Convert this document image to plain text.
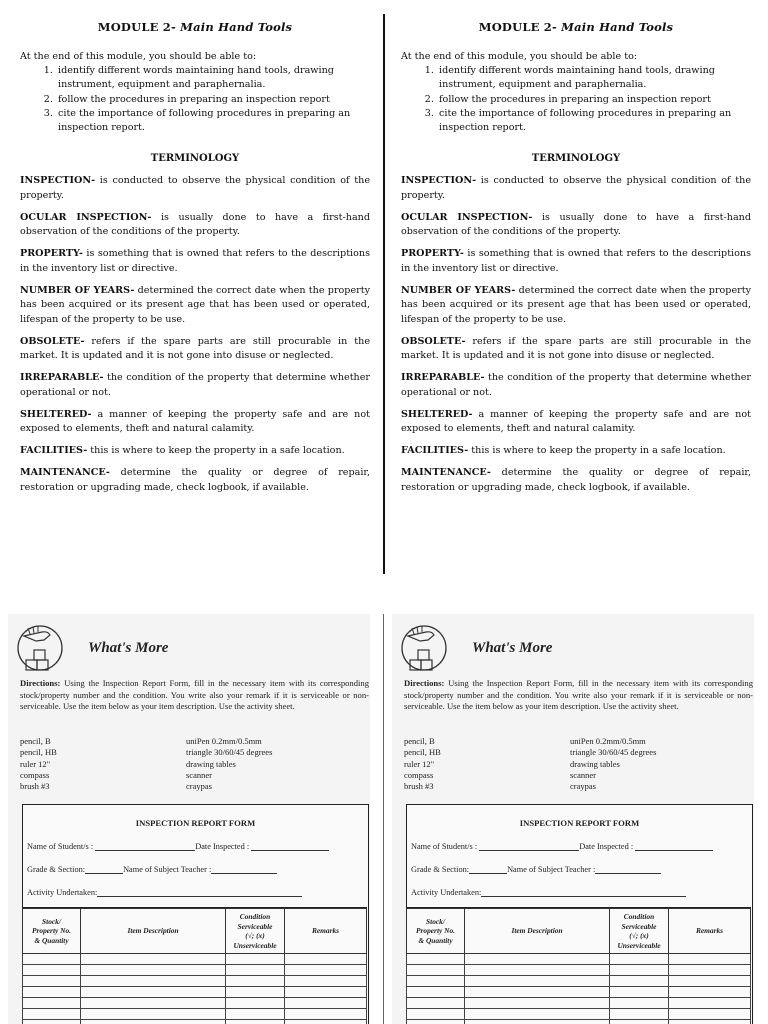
MODULE 2- Main Hand Tools
At the end of this module, you should be able to:
1. identify different words maintaining hand tools, drawing instrument, equipment and paraphernalia.
2. follow the procedures in preparing an inspection report
3. cite the importance of following procedures in preparing an inspection report.
TERMINOLOGY

INSPECTION- is conducted to observe the physical condition of the property.

OCULAR INSPECTION- is usually done to have a first-hand observation of the conditions of the property.

PROPERTY- is something that is owned that refers to the descriptions in the inventory list or directive.

NUMBER OF YEARS- determined the correct date when the property has been acquired or its present age that has been used or operated, lifespan of the property to be use.

OBSOLETE- refers if the spare parts are still procurable in the market. It is updated and it is not gone into disuse or neglected.

IRREPARABLE- the condition of the property that determine whether operational or not.

SHELTERED- a manner of keeping the property safe and are not exposed to elements, theft and natural calamity.

FACILITIES- this is where to keep the property in a safe location.

MAINTENANCE- determine the quality or degree of repair, restoration or upgrading made, check logbook, if available.

MODULE 2- Main Hand Tools
At the end of this module, you should be able to:
1. identify different words maintaining hand tools, drawing instrument, equipment and paraphernalia.
2. follow the procedures in preparing an inspection report
3. cite the importance of following procedures in preparing an inspection report.
TERMINOLOGY

INSPECTION- is conducted to observe the physical condition of the property.

OCULAR INSPECTION- is usually done to have a first-hand observation of the conditions of the property.

PROPERTY- is something that is owned that refers to the descriptions in the inventory list or directive.

NUMBER OF YEARS- determined the correct date when the property has been acquired or its present age that has been used or operated, lifespan of the property to be use.

OBSOLETE- refers if the spare parts are still procurable in the market. It is updated and it is not gone into disuse or neglected.

IRREPARABLE- the condition of the property that determine whether operational or not.

SHELTERED- a manner of keeping the property safe and are not exposed to elements, theft and natural calamity.

FACILITIES- this is where to keep the property in a safe location.

MAINTENANCE- determine the quality or degree of repair, restoration or upgrading made, check logbook, if available.

What's More
Directions: Using the Inspection Report Form, fill in the necessary item with its corresponding stock/property number and the condition. You write also your remark if it is serviceable or non-serviceable. Use the item below as your item description. Use the activity sheet.
pencil, B
pencil, HB
ruler 12"
compass
brush #3
uniPen 0.2mm/0.5mm
triangle 30/60/45 degrees
drawing tables
scanner
craypas
INSPECTION REPORT FORM
Name of Student/s :	Date Inspected :
Grade & Section:	Name of Subject Teacher :
Activity Undertaken:
Stock/
Property No.
& Quantity	Item Description	Condition
Serviceable
(√; (x)
Unserviceable	Remarks

What's More
Directions: Using the Inspection Report Form, fill in the necessary item with its corresponding stock/property number and the condition. You write also your remark if it is serviceable or non-serviceable. Use the item below as your item description. Use the activity sheet.
pencil, B
pencil, HB
ruler 12"
compass
brush #3
uniPen 0.2mm/0.5mm
triangle 30/60/45 degrees
drawing tables
scanner
craypas
INSPECTION REPORT FORM
Name of Student/s :	Date Inspected :
Grade & Section:	Name of Subject Teacher :
Activity Undertaken:
Stock/
Property No.
& Quantity	Item Description	Condition
Serviceable
(√; (x)
Unserviceable	Remarks
